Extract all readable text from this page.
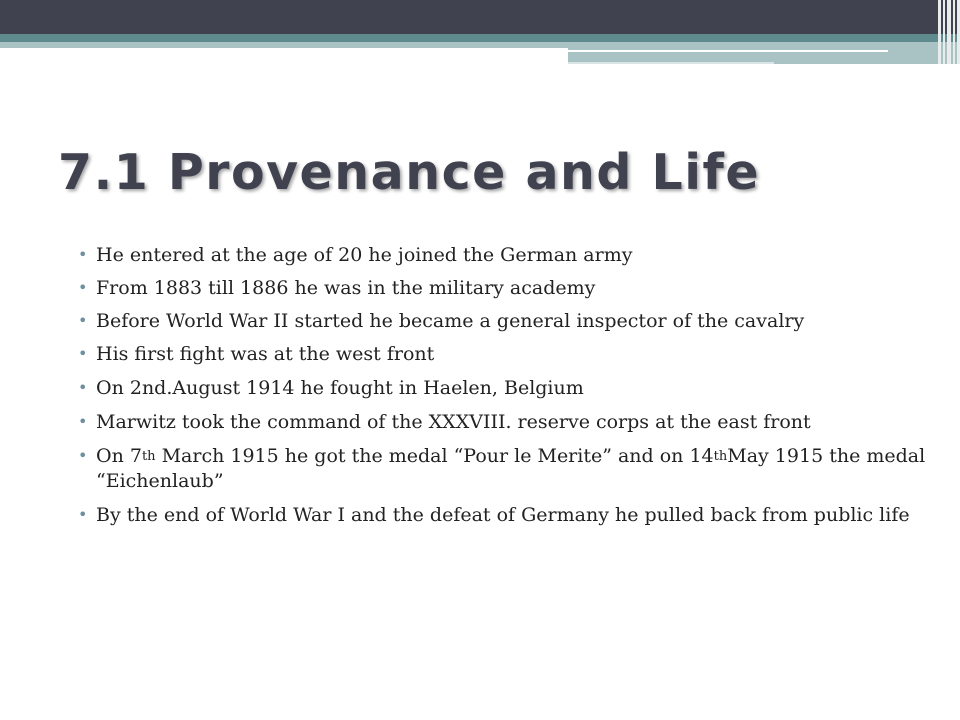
7.1 Provenance and Life
• He entered at the age of 20 he joined the German army
• From 1883 till 1886 he was in the military academy
• Before World War II started he became a general inspector of the cavalry
• His first fight was at the west front
• On 2nd.August 1914 he fought in Haelen, Belgium
• Marwitz took the command of the XXXVIII. reserve corps at the east front
• On 7th March 1915 he got the medal “Pour le Merite” and on 14thMay 1915 the medal “Eichenlaub”
• By the end of World War I and the defeat of Germany he pulled back from public life
